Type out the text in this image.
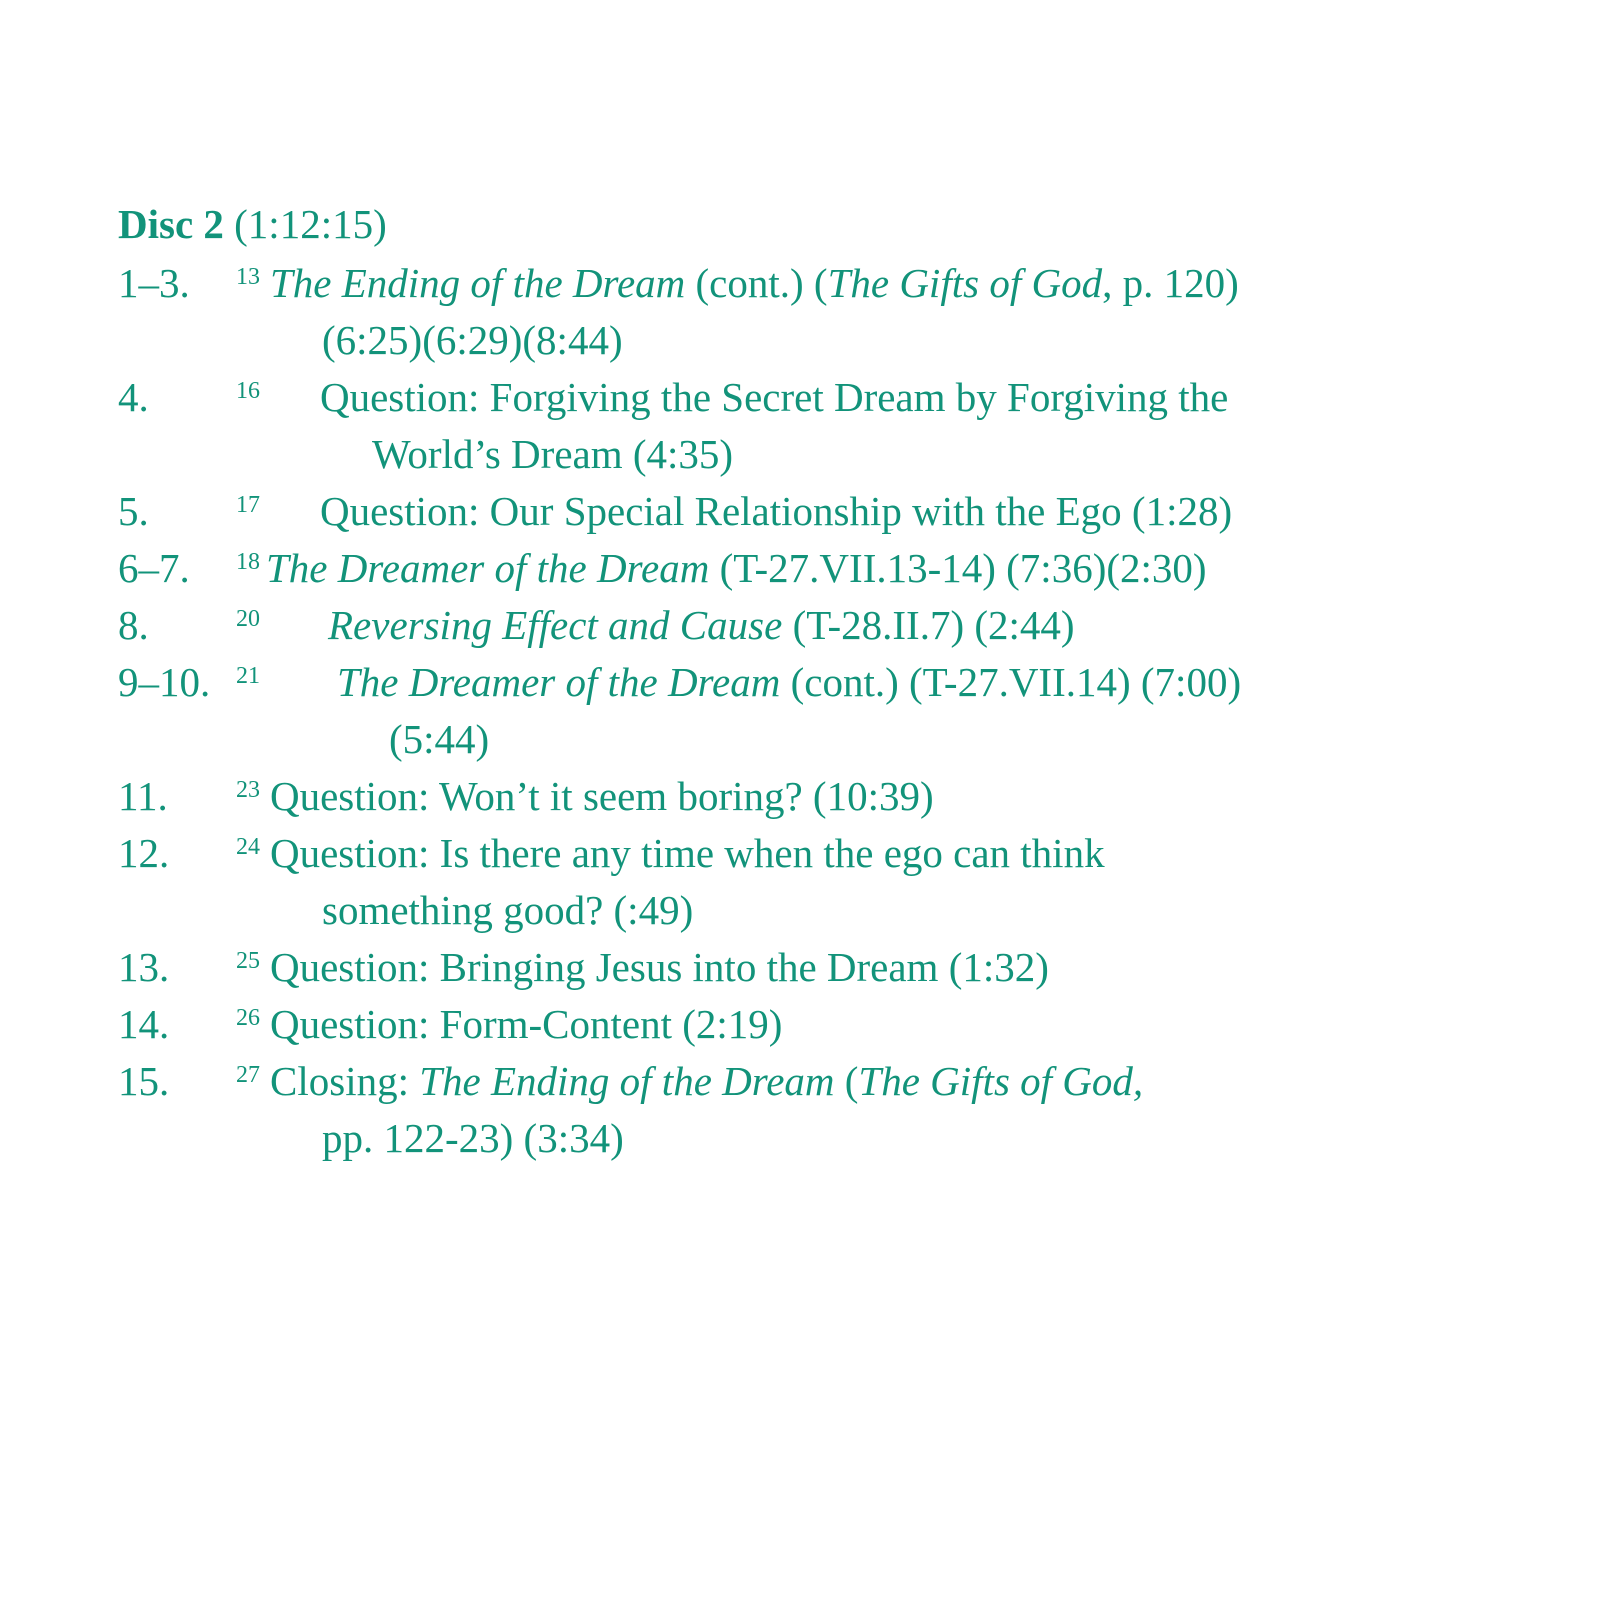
Disc 2 (1:12:15)
1–3.	13 The Ending of the Dream (cont.) (The Gifts of God, p. 120)
(6:25)(6:29)(8:44)
4.	16	Question: Forgiving the Secret Dream by Forgiving the
World’s Dream (4:35)
5.	17	Question: Our Special Relationship with the Ego (1:28)
6–7.	18 The Dreamer of the Dream (T-27.VII.13-14) (7:36)(2:30)
8.	20	Reversing Effect and Cause (T-28.II.7) (2:44)
9–10.	21	The Dreamer of the Dream (cont.) (T-27.VII.14) (7:00)
(5:44)
11.	23 Question: Won’t it seem boring? (10:39)
12.	24 Question: Is there any time when the ego can think
something good? (:49)
13.	25 Question: Bringing Jesus into the Dream (1:32)
14.	26 Question: Form-Content (2:19)
15.	27 Closing: The Ending of the Dream (The Gifts of God,
pp. 122-23) (3:34)
